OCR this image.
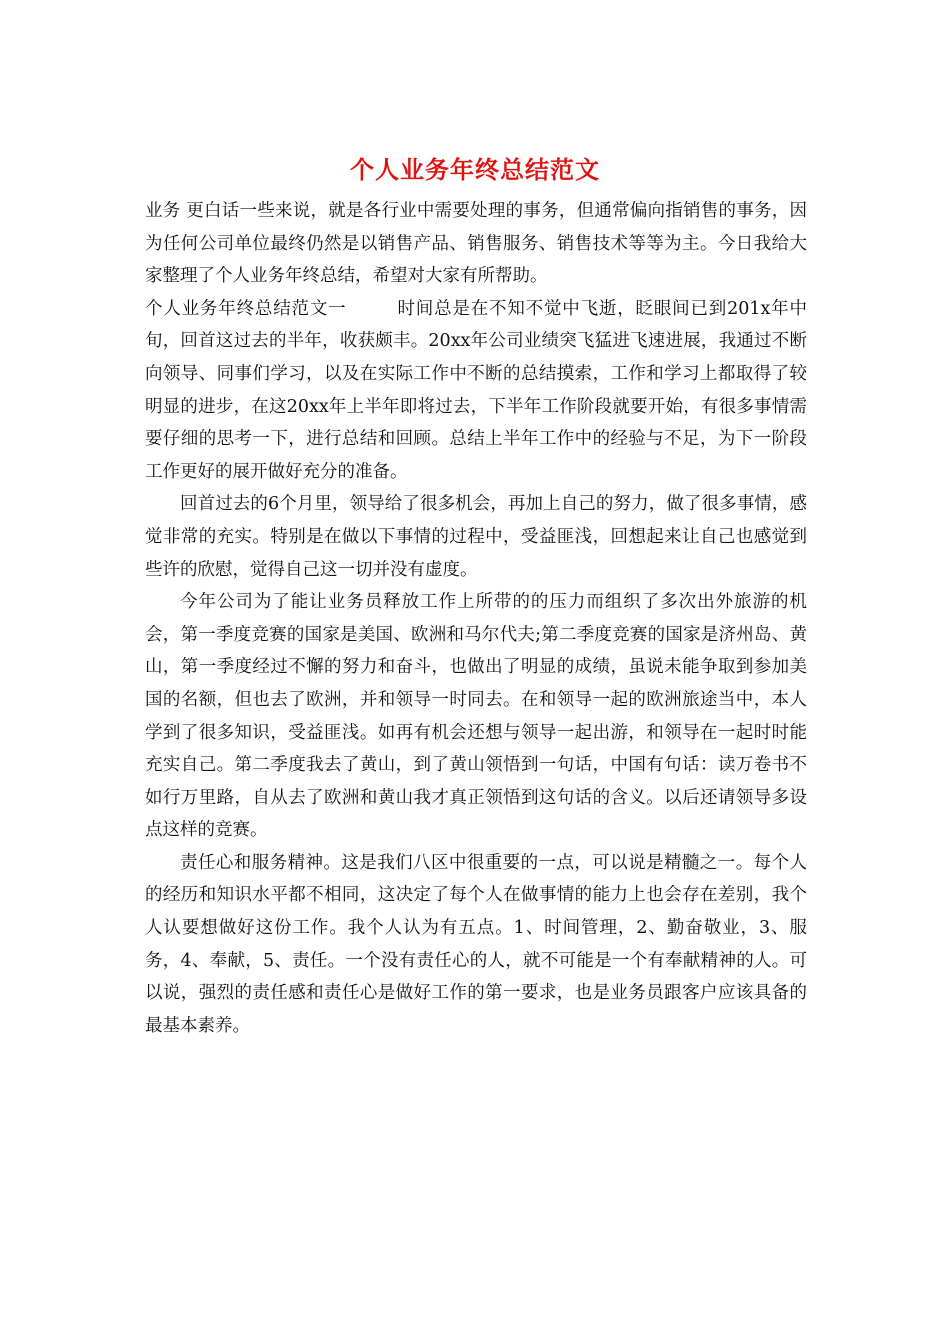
个人业务年终总结范文

业务 更白话一些来说，就是各行业中需要处理的事务，但通常偏向指销售的事务，因为任何公司单位最终仍然是以销售产品、销售服务、销售技术等等为主。今日我给大家整理了个人业务年终总结，希望对大家有所帮助。

个人业务年终总结范文一	时间总是在不知不觉中飞逝，眨眼间已到201x年中旬，回首这过去的半年，收获颇丰。20xx年公司业绩突飞猛进飞速进展，我通过不断向领导、同事们学习，以及在实际工作中不断的总结摸索，工作和学习上都取得了较明显的进步，在这20xx年上半年即将过去，下半年工作阶段就要开始，有很多事情需要仔细的思考一下，进行总结和回顾。总结上半年工作中的经验与不足，为下一阶段工作更好的展开做好充分的准备。

回首过去的6个月里，领导给了很多机会，再加上自己的努力，做了很多事情，感觉非常的充实。特别是在做以下事情的过程中，受益匪浅，回想起来让自己也感觉到些许的欣慰，觉得自己这一切并没有虚度。

今年公司为了能让业务员释放工作上所带的的压力而组织了多次出外旅游的机会，第一季度竞赛的国家是美国、欧洲和马尔代夫;第二季度竞赛的国家是济州岛、黄山，第一季度经过不懈的努力和奋斗，也做出了明显的成绩，虽说未能争取到参加美国的名额，但也去了欧洲，并和领导一时同去。在和领导一起的欧洲旅途当中，本人学到了很多知识，受益匪浅。如再有机会还想与领导一起出游，和领导在一起时时能充实自己。第二季度我去了黄山，到了黄山领悟到一句话，中国有句话：读万卷书不如行万里路，自从去了欧洲和黄山我才真正领悟到这句话的含义。以后还请领导多设点这样的竞赛。

责任心和服务精神。这是我们八区中很重要的一点，可以说是精髓之一。每个人的经历和知识水平都不相同，这决定了每个人在做事情的能力上也会存在差别，我个人认要想做好这份工作。我个人认为有五点。1、时间管理，2、勤奋敬业，3、服务，4、奉献，5、责任。一个没有责任心的人，就不可能是一个有奉献精神的人。可以说，强烈的责任感和责任心是做好工作的第一要求，也是业务员跟客户应该具备的最基本素养。
